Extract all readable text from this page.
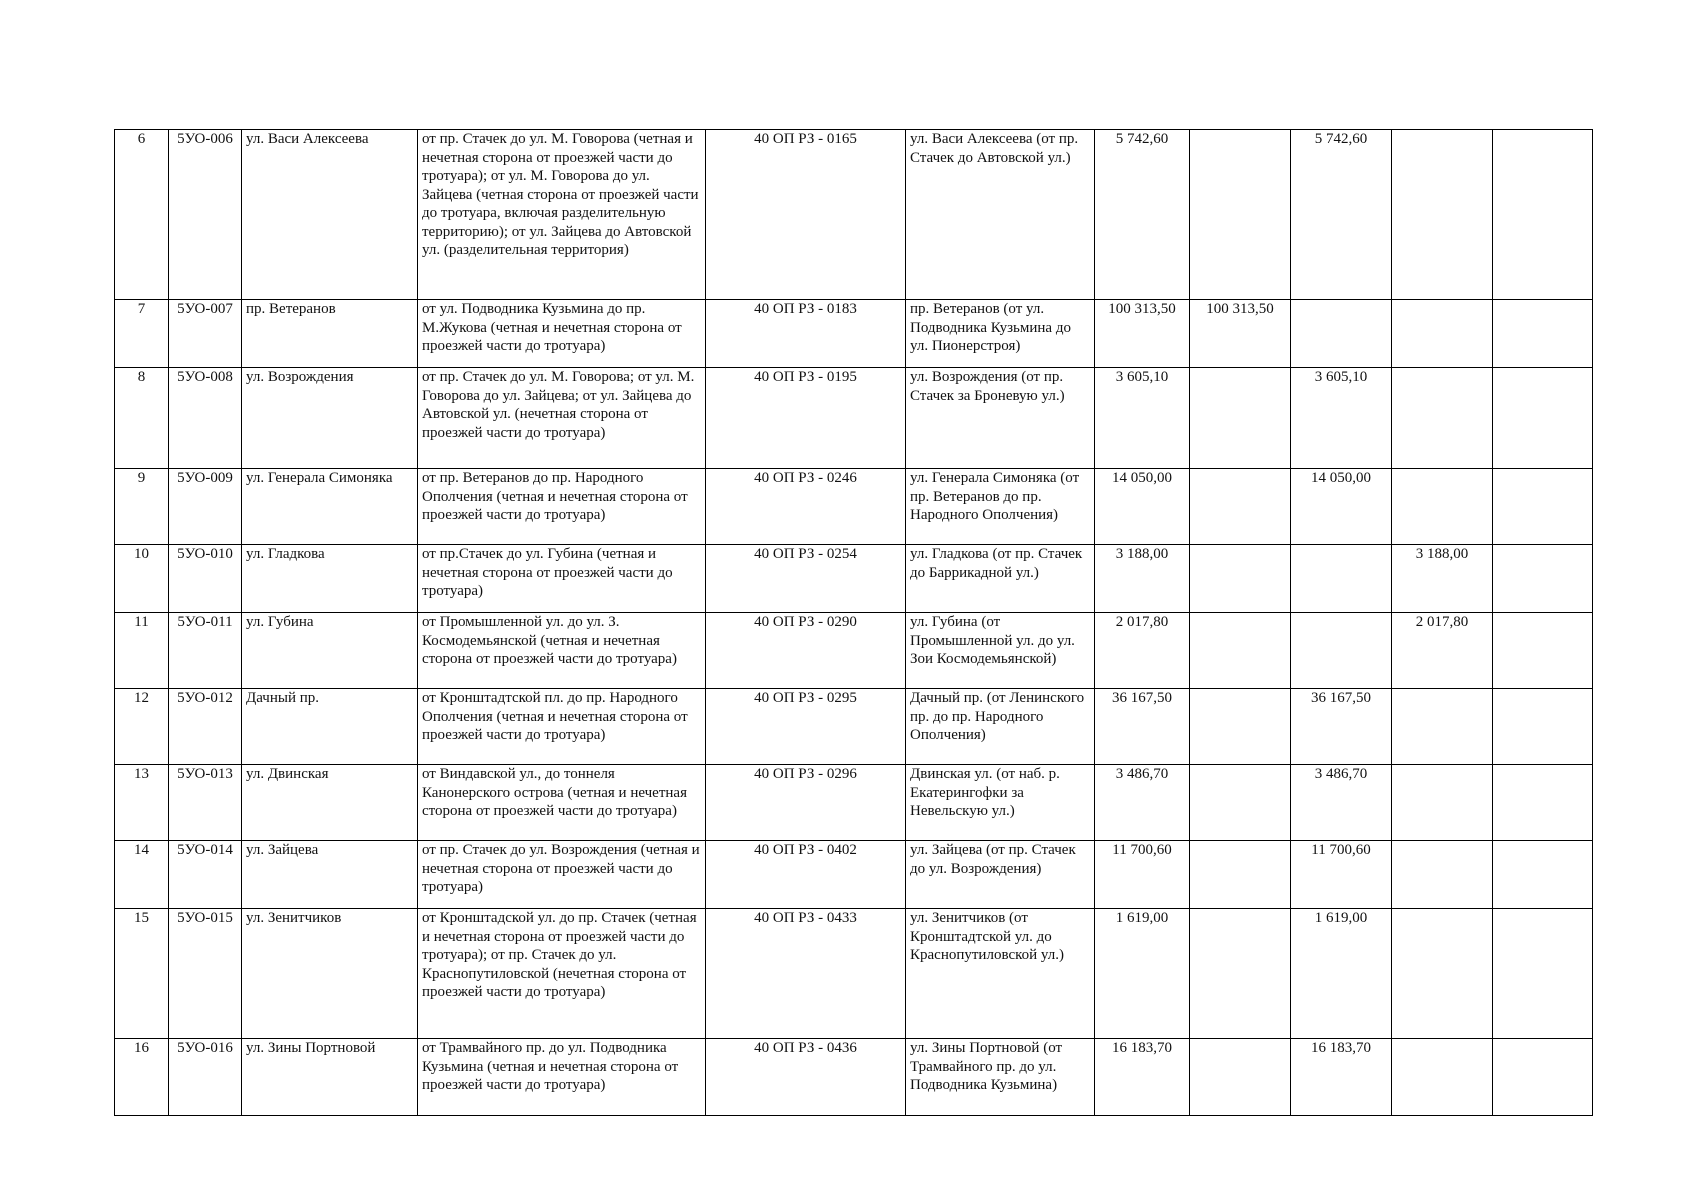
6	5УО-006	ул. Васи Алексеева	от пр. Стачек до ул. М. Говорова (четная и нечетная сторона от проезжей части до тротуара); от ул. М. Говорова до ул. Зайцева (четная сторона от проезжей части до тротуара, включая разделительную территорию); от ул. Зайцева до Автовской ул. (разделительная территория)	40 ОП РЗ - 0165	ул. Васи Алексеева (от пр. Стачек до Автовской ул.)	5 742,60		5 742,60		
7	5УО-007	пр. Ветеранов	от ул. Подводника Кузьмина до пр. М.Жукова (четная и нечетная сторона от проезжей части до тротуара)	40 ОП РЗ - 0183	пр. Ветеранов (от ул. Подводника Кузьмина до ул. Пионерстроя)	100 313,50	100 313,50			
8	5УО-008	ул. Возрождения	от пр. Стачек до ул. М. Говорова; от ул. М. Говорова до ул. Зайцева; от ул. Зайцева до Автовской ул. (нечетная сторона от проезжей части до тротуара)	40 ОП РЗ - 0195	ул. Возрождения (от пр. Стачек за Броневую ул.)	3 605,10		3 605,10		
9	5УО-009	ул. Генерала Симоняка	от пр. Ветеранов до пр. Народного Ополчения (четная и нечетная сторона от проезжей части до тротуара)	40 ОП РЗ - 0246	ул. Генерала Симоняка (от пр. Ветеранов до пр. Народного Ополчения)	14 050,00		14 050,00		
10	5УО-010	ул. Гладкова	от пр.Стачек до ул. Губина (четная и нечетная сторона от проезжей части до тротуара)	40 ОП РЗ - 0254	ул. Гладкова (от пр. Стачек до Баррикадной ул.)	3 188,00			3 188,00	
11	5УО-011	ул. Губина	от Промышленной ул. до ул. З. Космодемьянской (четная и нечетная сторона от проезжей части до тротуара)	40 ОП РЗ - 0290	ул. Губина (от Промышленной ул. до ул. Зои Космодемьянской)	2 017,80			2 017,80	
12	5УО-012	Дачный пр.	от Кронштадтской пл. до пр. Народного Ополчения (четная и нечетная сторона от проезжей части до тротуара)	40 ОП РЗ - 0295	Дачный пр. (от Ленинского пр. до пр. Народного Ополчения)	36 167,50		36 167,50		
13	5УО-013	ул. Двинская	от Виндавской ул., до тоннеля Канонерского острова (четная и нечетная сторона от проезжей части до тротуара)	40 ОП РЗ - 0296	Двинская ул. (от наб. р. Екатерингофки за Невельскую ул.)	3 486,70		3 486,70		
14	5УО-014	ул. Зайцева	от пр. Стачек до ул. Возрождения (четная и нечетная сторона от проезжей части до тротуара)	40 ОП РЗ - 0402	ул. Зайцева (от пр. Стачек до ул. Возрождения)	11 700,60		11 700,60		
15	5УО-015	ул. Зенитчиков	от Кронштадской ул. до пр. Стачек (четная и нечетная сторона от проезжей части до тротуара); от пр. Стачек до ул. Краснопутиловской (нечетная сторона от проезжей части до тротуара)	40 ОП РЗ - 0433	ул. Зенитчиков (от Кронштадтской ул. до Краснопутиловской ул.)	1 619,00		1 619,00		
16	5УО-016	ул. Зины Портновой	от Трамвайного пр. до ул. Подводника Кузьмина (четная и нечетная сторона от проезжей части до тротуара)	40 ОП РЗ - 0436	ул. Зины Портновой (от Трамвайного пр. до ул. Подводника Кузьмина)	16 183,70		16 183,70		
